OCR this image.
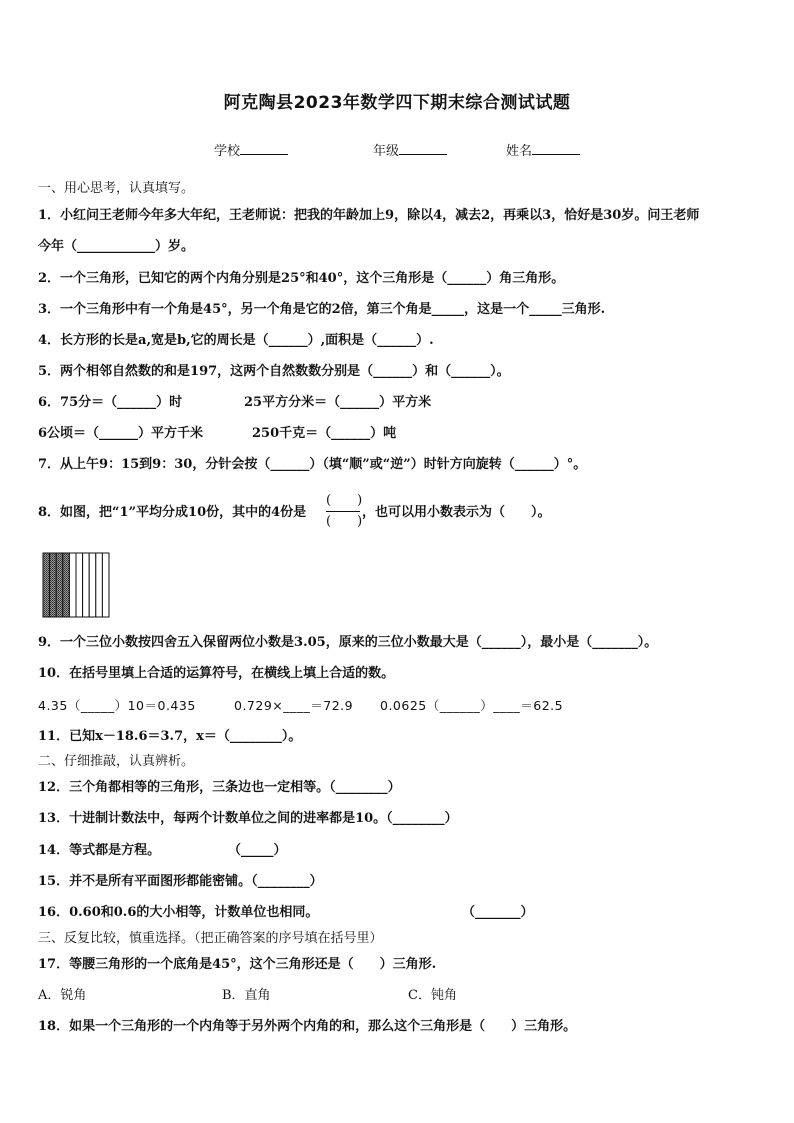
阿克陶县2023年数学四下期末综合测试试题
学校	年级	姓名
一、用心思考，认真填写。
1．小红问王老师今年多大年纪，王老师说：把我的年龄加上9，除以4，减去2，再乘以3，恰好是30岁。问王老师
今年（____________）岁。
2．一个三角形，已知它的两个内角分别是25°和40°，这个三角形是（______）角三角形。
3．一个三角形中有一个角是45°，另一个角是它的2倍，第三个角是_____，这是一个_____三角形.
4．长方形的长是a,宽是b,它的周长是（______）,面积是（______）.
5．两个相邻自然数的和是197，这两个自然数数分别是（______）和（______）。
6．75分＝（______）时	25平方分米＝（______）平方米
6公顷＝（______）平方千米	250千克＝（______）吨
7．从上午9：15到9：30，分针会按（______）（填“顺”或“逆”）时针方向旋转（______）°。
8．如图，把“1”平均分成10份，其中的4份是
(　　)
(　　)
，也可以用小数表示为（　　）。
9．一个三位小数按四舍五入保留两位小数是3.05，原来的三位小数最大是（______），最小是（_______）。
10．在括号里填上合适的运算符号，在横线上填上合适的数。
4.35（_____）10＝0.435	0.729×____＝72.9 0.0625（______）____＝62.5
11．已知x－18.6＝3.7，x＝（________）。
二、仔细推敲，认真辨析。
12．三个角都相等的三角形，三条边也一定相等。（________）
13．十进制计数法中，每两个计数单位之间的进率都是10。（________）
14．等式都是方程。	（_____）
15．并不是所有平面图形都能密铺。（________）
16．0.60和0.6的大小相等，计数单位也相同。	（_______）
三、反复比较，慎重选择。（把正确答案的序号填在括号里）
17．等腰三角形的一个底角是45°，这个三角形还是（　　）三角形.
A．锐角	B．直角	C．钝角
18．如果一个三角形的一个内角等于另外两个内角的和，那么这个三角形是（　　）三角形。
